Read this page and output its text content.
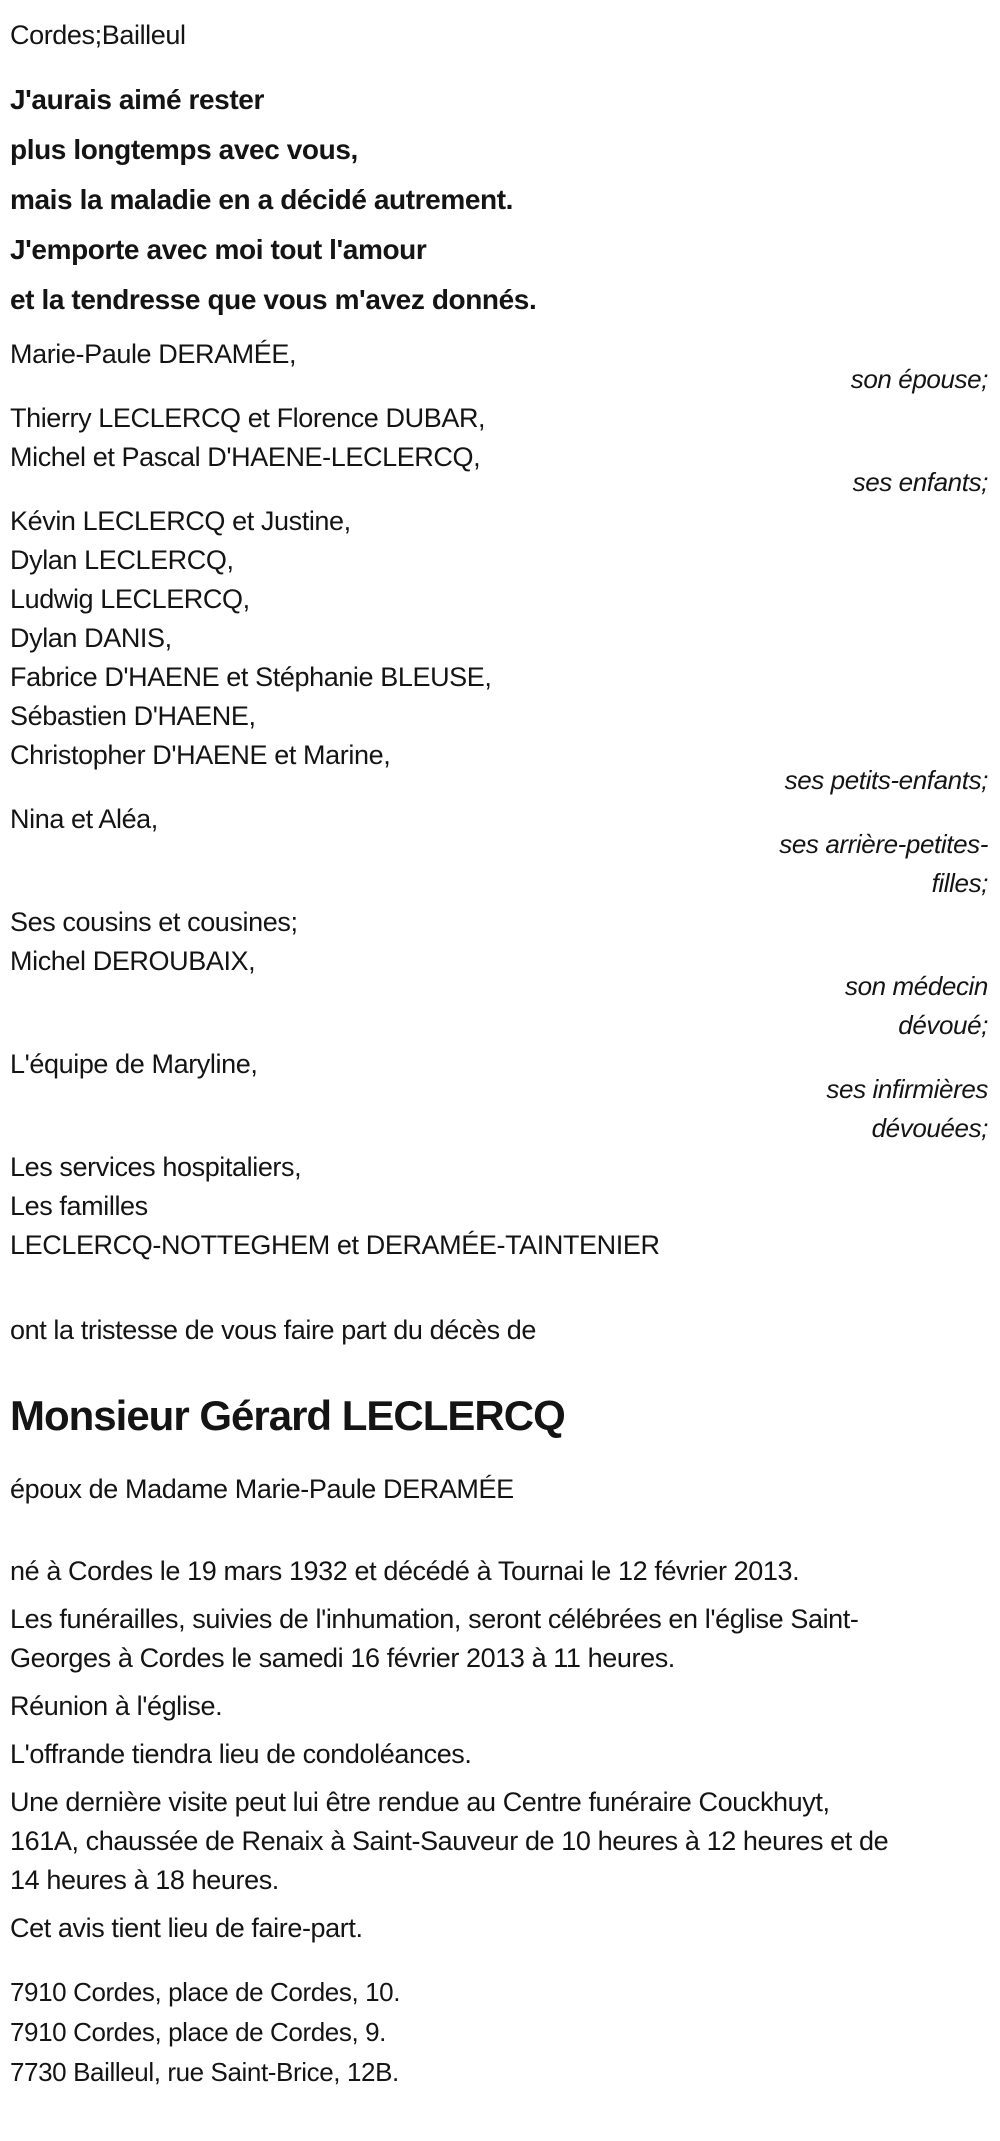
Cordes;Bailleul
J'aurais aimé rester
plus longtemps avec vous,
mais la maladie en a décidé autrement.
J'emporte avec moi tout l'amour
et la tendresse que vous m'avez donnés.
Marie-Paule DERAMÉE,
son épouse;
Thierry LECLERCQ et Florence DUBAR,
Michel et Pascal D'HAENE-LECLERCQ,
ses enfants;
Kévin LECLERCQ et Justine,
Dylan LECLERCQ,
Ludwig LECLERCQ,
Dylan DANIS,
Fabrice D'HAENE et Stéphanie BLEUSE,
Sébastien D'HAENE,
Christopher D'HAENE et Marine,
ses petits-enfants;
Nina et Aléa,
ses arrière-petites-
filles;
Ses cousins et cousines;
Michel DEROUBAIX,
son médecin
dévoué;
L'équipe de Maryline,
ses infirmières
dévouées;
Les services hospitaliers,
Les familles
LECLERCQ-NOTTEGHEM et DERAMÉE-TAINTENIER
ont la tristesse de vous faire part du décès de
Monsieur Gérard LECLERCQ
époux de Madame Marie-Paule DERAMÉE
né à Cordes le 19 mars 1932 et décédé à Tournai le 12 février 2013.
Les funérailles, suivies de l'inhumation, seront célébrées en l'église Saint-
Georges à Cordes le samedi 16 février 2013 à 11 heures.
Réunion à l'église.
L'offrande tiendra lieu de condoléances.
Une dernière visite peut lui être rendue au Centre funéraire Couckhuyt,
161A, chaussée de Renaix à Saint-Sauveur de 10 heures à 12 heures et de
14 heures à 18 heures.
Cet avis tient lieu de faire-part.
7910 Cordes, place de Cordes, 10.
7910 Cordes, place de Cordes, 9.
7730 Bailleul, rue Saint-Brice, 12B.
